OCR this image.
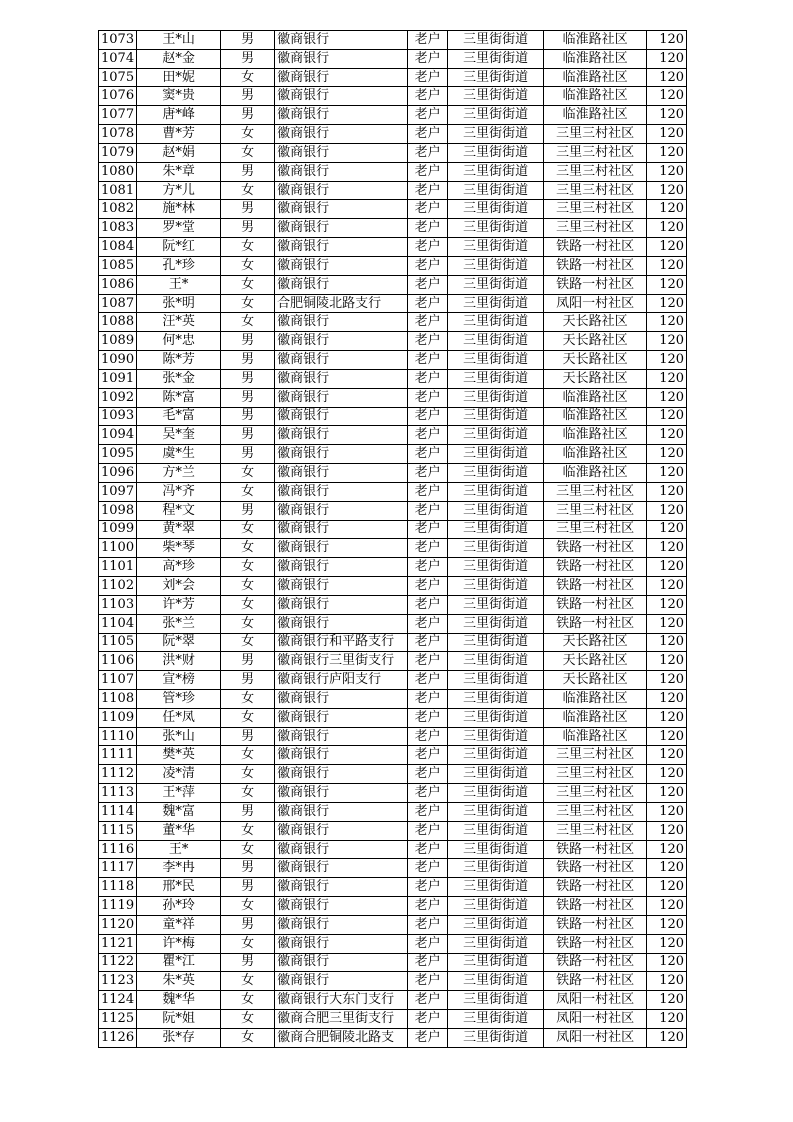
1073	王*山	男	徽商银行	老户	三里街街道	临淮路社区	120
1074	赵*金	男	徽商银行	老户	三里街街道	临淮路社区	120
1075	田*妮	女	徽商银行	老户	三里街街道	临淮路社区	120
1076	窦*贵	男	徽商银行	老户	三里街街道	临淮路社区	120
1077	唐*峰	男	徽商银行	老户	三里街街道	临淮路社区	120
1078	曹*芳	女	徽商银行	老户	三里街街道	三里三村社区	120
1079	赵*娟	女	徽商银行	老户	三里街街道	三里三村社区	120
1080	朱*章	男	徽商银行	老户	三里街街道	三里三村社区	120
1081	方*儿	女	徽商银行	老户	三里街街道	三里三村社区	120
1082	施*林	男	徽商银行	老户	三里街街道	三里三村社区	120
1083	罗*堂	男	徽商银行	老户	三里街街道	三里三村社区	120
1084	阮*红	女	徽商银行	老户	三里街街道	铁路一村社区	120
1085	孔*珍	女	徽商银行	老户	三里街街道	铁路一村社区	120
1086	王*	女	徽商银行	老户	三里街街道	铁路一村社区	120
1087	张*明	女	合肥铜陵北路支行	老户	三里街街道	凤阳一村社区	120
1088	汪*英	女	徽商银行	老户	三里街街道	天长路社区	120
1089	何*忠	男	徽商银行	老户	三里街街道	天长路社区	120
1090	陈*芳	男	徽商银行	老户	三里街街道	天长路社区	120
1091	张*金	男	徽商银行	老户	三里街街道	天长路社区	120
1092	陈*富	男	徽商银行	老户	三里街街道	临淮路社区	120
1093	毛*富	男	徽商银行	老户	三里街街道	临淮路社区	120
1094	吴*奎	男	徽商银行	老户	三里街街道	临淮路社区	120
1095	虞*生	男	徽商银行	老户	三里街街道	临淮路社区	120
1096	方*兰	女	徽商银行	老户	三里街街道	临淮路社区	120
1097	冯*齐	女	徽商银行	老户	三里街街道	三里三村社区	120
1098	程*文	男	徽商银行	老户	三里街街道	三里三村社区	120
1099	黄*翠	女	徽商银行	老户	三里街街道	三里三村社区	120
1100	柴*琴	女	徽商银行	老户	三里街街道	铁路一村社区	120
1101	高*珍	女	徽商银行	老户	三里街街道	铁路一村社区	120
1102	刘*会	女	徽商银行	老户	三里街街道	铁路一村社区	120
1103	许*芳	女	徽商银行	老户	三里街街道	铁路一村社区	120
1104	张*兰	女	徽商银行	老户	三里街街道	铁路一村社区	120
1105	阮*翠	女	徽商银行和平路支行	老户	三里街街道	天长路社区	120
1106	洪*财	男	徽商银行三里街支行	老户	三里街街道	天长路社区	120
1107	宣*榜	男	徽商银行庐阳支行	老户	三里街街道	天长路社区	120
1108	管*珍	女	徽商银行	老户	三里街街道	临淮路社区	120
1109	任*凤	女	徽商银行	老户	三里街街道	临淮路社区	120
1110	张*山	男	徽商银行	老户	三里街街道	临淮路社区	120
1111	樊*英	女	徽商银行	老户	三里街街道	三里三村社区	120
1112	凌*清	女	徽商银行	老户	三里街街道	三里三村社区	120
1113	王*萍	女	徽商银行	老户	三里街街道	三里三村社区	120
1114	魏*富	男	徽商银行	老户	三里街街道	三里三村社区	120
1115	董*华	女	徽商银行	老户	三里街街道	三里三村社区	120
1116	王*	女	徽商银行	老户	三里街街道	铁路一村社区	120
1117	李*冉	男	徽商银行	老户	三里街街道	铁路一村社区	120
1118	邢*民	男	徽商银行	老户	三里街街道	铁路一村社区	120
1119	孙*玲	女	徽商银行	老户	三里街街道	铁路一村社区	120
1120	童*祥	男	徽商银行	老户	三里街街道	铁路一村社区	120
1121	许*梅	女	徽商银行	老户	三里街街道	铁路一村社区	120
1122	瞿*江	男	徽商银行	老户	三里街街道	铁路一村社区	120
1123	朱*英	女	徽商银行	老户	三里街街道	铁路一村社区	120
1124	魏*华	女	徽商银行大东门支行	老户	三里街街道	凤阳一村社区	120
1125	阮*姐	女	徽商合肥三里街支行	老户	三里街街道	凤阳一村社区	120
1126	张*存	女	徽商合肥铜陵北路支	老户	三里街街道	凤阳一村社区	120
